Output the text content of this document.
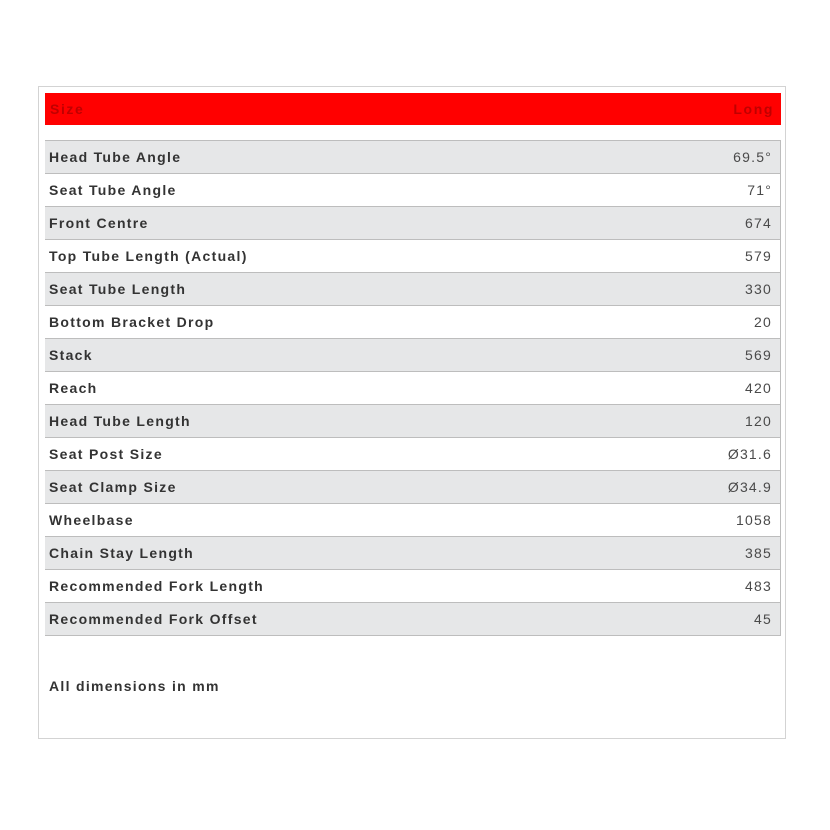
Size	Long
Head Tube Angle	69.5°
Seat Tube Angle	71°
Front Centre	674
Top Tube Length (Actual)	579
Seat Tube Length	330
Bottom Bracket Drop	20
Stack	569
Reach	420
Head Tube Length	120
Seat Post Size	Ø31.6
Seat Clamp Size	Ø34.9
Wheelbase	1058
Chain Stay Length	385
Recommended Fork Length	483
Recommended Fork Offset	45
All dimensions in mm
